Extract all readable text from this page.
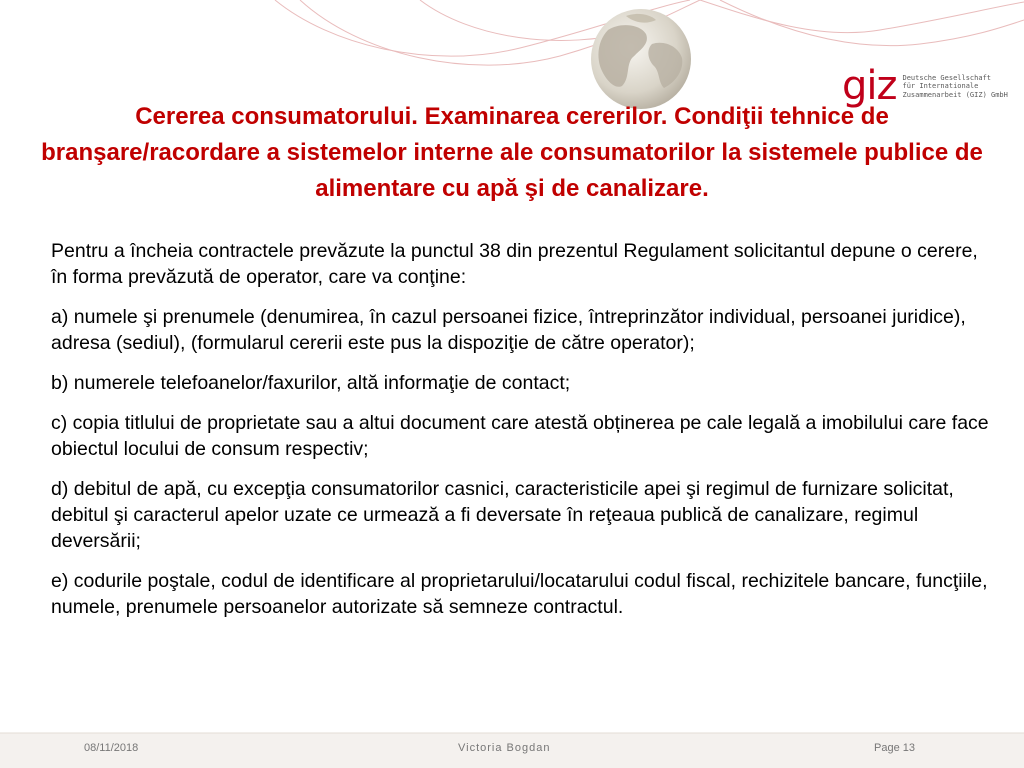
giz Deutsche Gesellschaft
für Internationale
Zusammenarbeit (GIZ) GmbH
Cererea consumatorului. Examinarea cererilor. Condiţii tehnice de branşare/racordare a sistemelor interne ale consumatorilor la sistemele publice de alimentare cu apă şi de canalizare.

Pentru a încheia contractele prevăzute la punctul 38 din prezentul Regulament solicitantul depune o cerere, în forma prevăzută de operator, care va conţine:

a) numele şi prenumele (denumirea, în cazul persoanei fizice, întreprinzător individual, persoanei juridice), adresa (sediul), (formularul cererii este pus la dispoziţie de către operator);

b) numerele telefoanelor/faxurilor, altă informaţie de contact;

c) copia titlului de proprietate sau a altui document care atestă obținerea pe cale legală a imobilului care face obiectul locului de consum respectiv;

d) debitul de apă, cu excepţia consumatorilor casnici, caracteristicile apei şi regimul de furnizare solicitat, debitul şi caracterul apelor uzate ce urmează a fi deversate în reţeaua publică de canalizare, regimul deversării;

e) codurile poştale, codul de identificare al proprietarului/locatarului codul fiscal, rechizitele bancare, funcţiile, numele, prenumele persoanelor autorizate să semneze contractul.

08/11/2018	Victoria Bogdan	Page 13
